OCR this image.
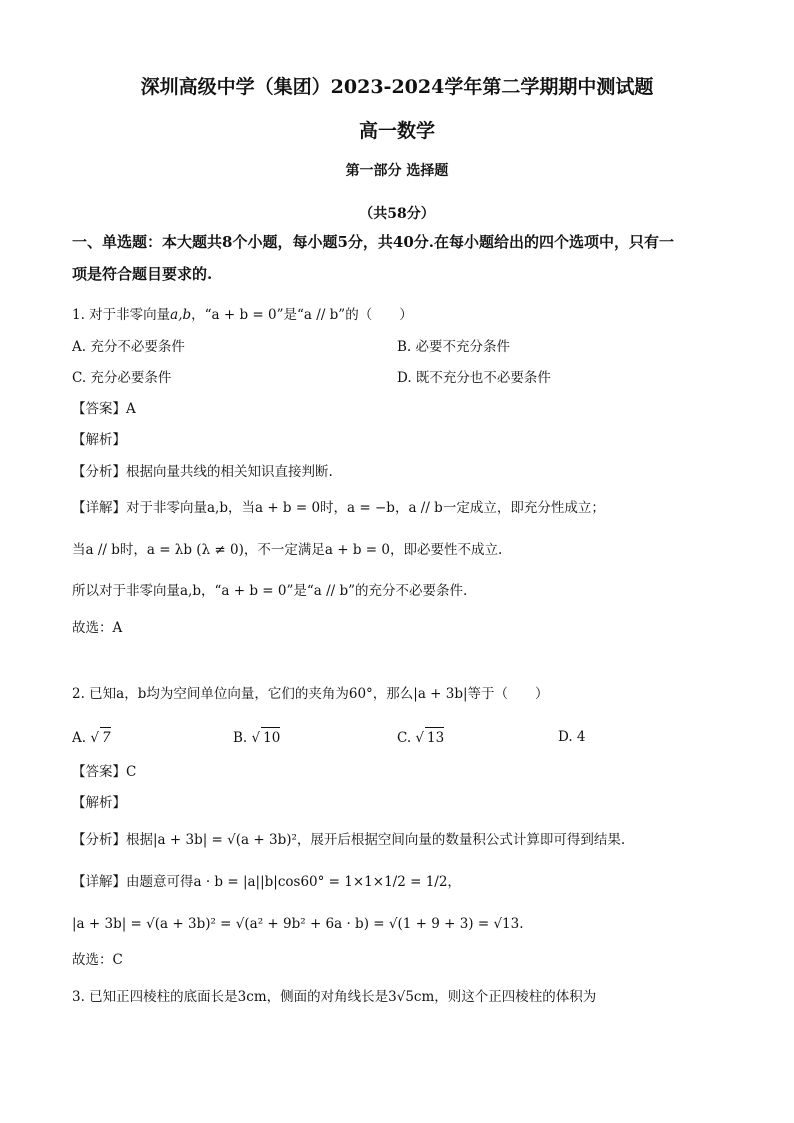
深圳高级中学（集团）2023-2024学年第二学期期中测试题
高一数学
第一部分 选择题
（共58分）
一、单选题：本大题共8个小题，每小题5分，共40分.在每小题给出的四个选项中，只有一
项是符合题目要求的.
1. 对于非零向量a,b，“a + b = 0”是“a // b”的（　　）
A. 充分不必要条件	B. 必要不充分条件
C. 充分必要条件	D. 既不充分也不必要条件
【答案】A
【解析】
【分析】根据向量共线的相关知识直接判断.
【详解】对于非零向量a,b，当a + b = 0时，a = −b，a // b一定成立，即充分性成立；
当a // b时，a = λb (λ ≠ 0)，不一定满足a + b = 0，即必要性不成立.
所以对于非零向量a,b，“a + b = 0”是“a // b”的充分不必要条件.
故选：A
2. 已知a，b均为空间单位向量，它们的夹角为60°，那么|a + 3b|等于（　　）
A. √ 7	B. √ 10	C. √ 13	D. 4
【答案】C
【解析】
【分析】根据|a + 3b| = √(a + 3b)²，展开后根据空间向量的数量积公式计算即可得到结果.
【详解】由题意可得a · b = |a||b|cos60° = 1×1×1/2 = 1/2，
|a + 3b| = √(a + 3b)² = √(a² + 9b² + 6a · b) = √(1 + 9 + 3) = √13.
故选：C
3. 已知正四棱柱的底面长是3cm，侧面的对角线长是3√5cm，则这个正四棱柱的体积为
